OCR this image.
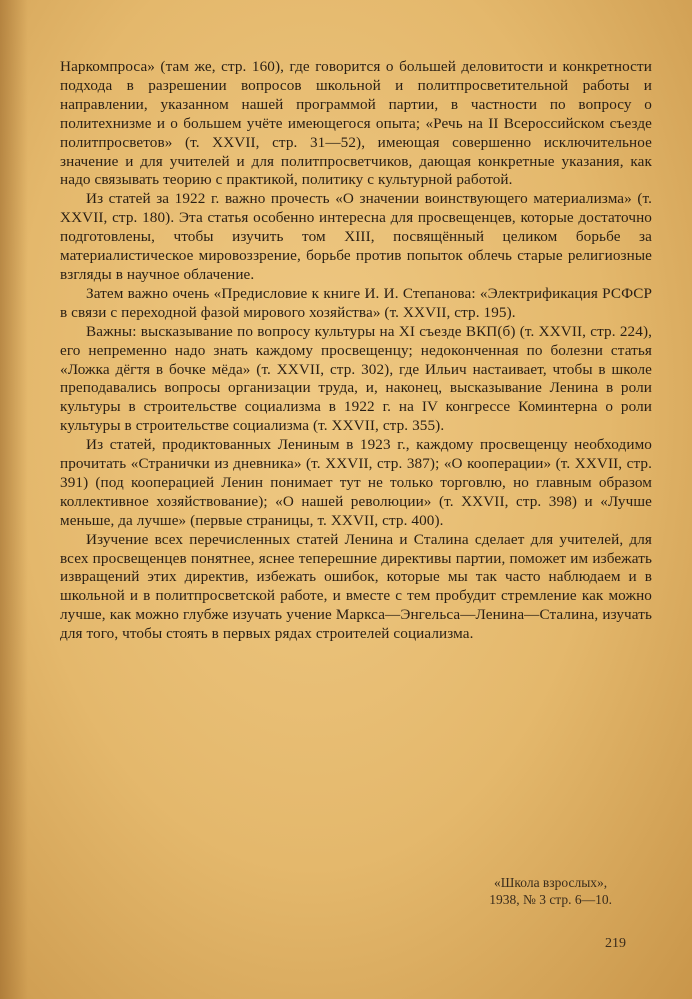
Наркомпроса» (там же, стр. 160), где говорится о большей деловитости и конкретности подхода в разрешении вопросов школьной и политпросветительной работы и направлении, указанном нашей программой партии, в частности по вопросу о политехнизме и о большем учёте имеющегося опыта; «Речь на II Всероссийском съезде политпросветов» (т. XXVII, стр. 31—52), имеющая совершенно исключительное значение и для учителей и для политпросветчиков, дающая конкретные указания, как надо связывать теорию с практикой, политику с культурной работой.

Из статей за 1922 г. важно прочесть «О значении воинствующего материализма» (т. XXVII, стр. 180). Эта статья особенно интересна для просвещенцев, которые достаточно подготовлены, чтобы изучить том XIII, посвящённый целиком борьбе за материалистическое мировоззрение, борьбе против попыток облечь старые религиозные взгляды в научное облачение.

Затем важно очень «Предисловие к книге И. И. Степанова: «Электрификация РСФСР в связи с переходной фазой мирового хозяйства» (т. XXVII, стр. 195).

Важны: высказывание по вопросу культуры на XI съезде ВКП(б) (т. XXVII, стр. 224), его непременно надо знать каждому просвещенцу; недоконченная по болезни статья «Ложка дёгтя в бочке мёда» (т. XXVII, стр. 302), где Ильич настаивает, чтобы в школе преподавались вопросы организации труда, и, наконец, высказывание Ленина в роли культуры в строительстве социализма в 1922 г. на IV конгрессе Коминтерна о роли культуры в строительстве социализма (т. XXVII, стр. 355).

Из статей, продиктованных Лениным в 1923 г., каждому просвещенцу необходимо прочитать «Странички из дневника» (т. XXVII, стр. 387); «О кооперации» (т. XXVII, стр. 391) (под кооперацией Ленин понимает тут не только торговлю, но главным образом коллективное хозяйствование); «О нашей революции» (т. XXVII, стр. 398) и «Лучше меньше, да лучше» (первые страницы, т. XXVII, стр. 400).

Изучение всех перечисленных статей Ленина и Сталина сделает для учителей, для всех просвещенцев понятнее, яснее теперешние директивы партии, поможет им избежать извращений этих директив, избежать ошибок, которые мы так часто наблюдаем и в школьной и в политпросветской работе, и вместе с тем пробудит стремление как можно лучше, как можно глубже изучать учение Маркса—Энгельса—Ленина—Сталина, изучать для того, чтобы стоять в первых рядах строителей социализма.

«Школа взрослых»,
1938, № 3 стр. 6—10.
219
